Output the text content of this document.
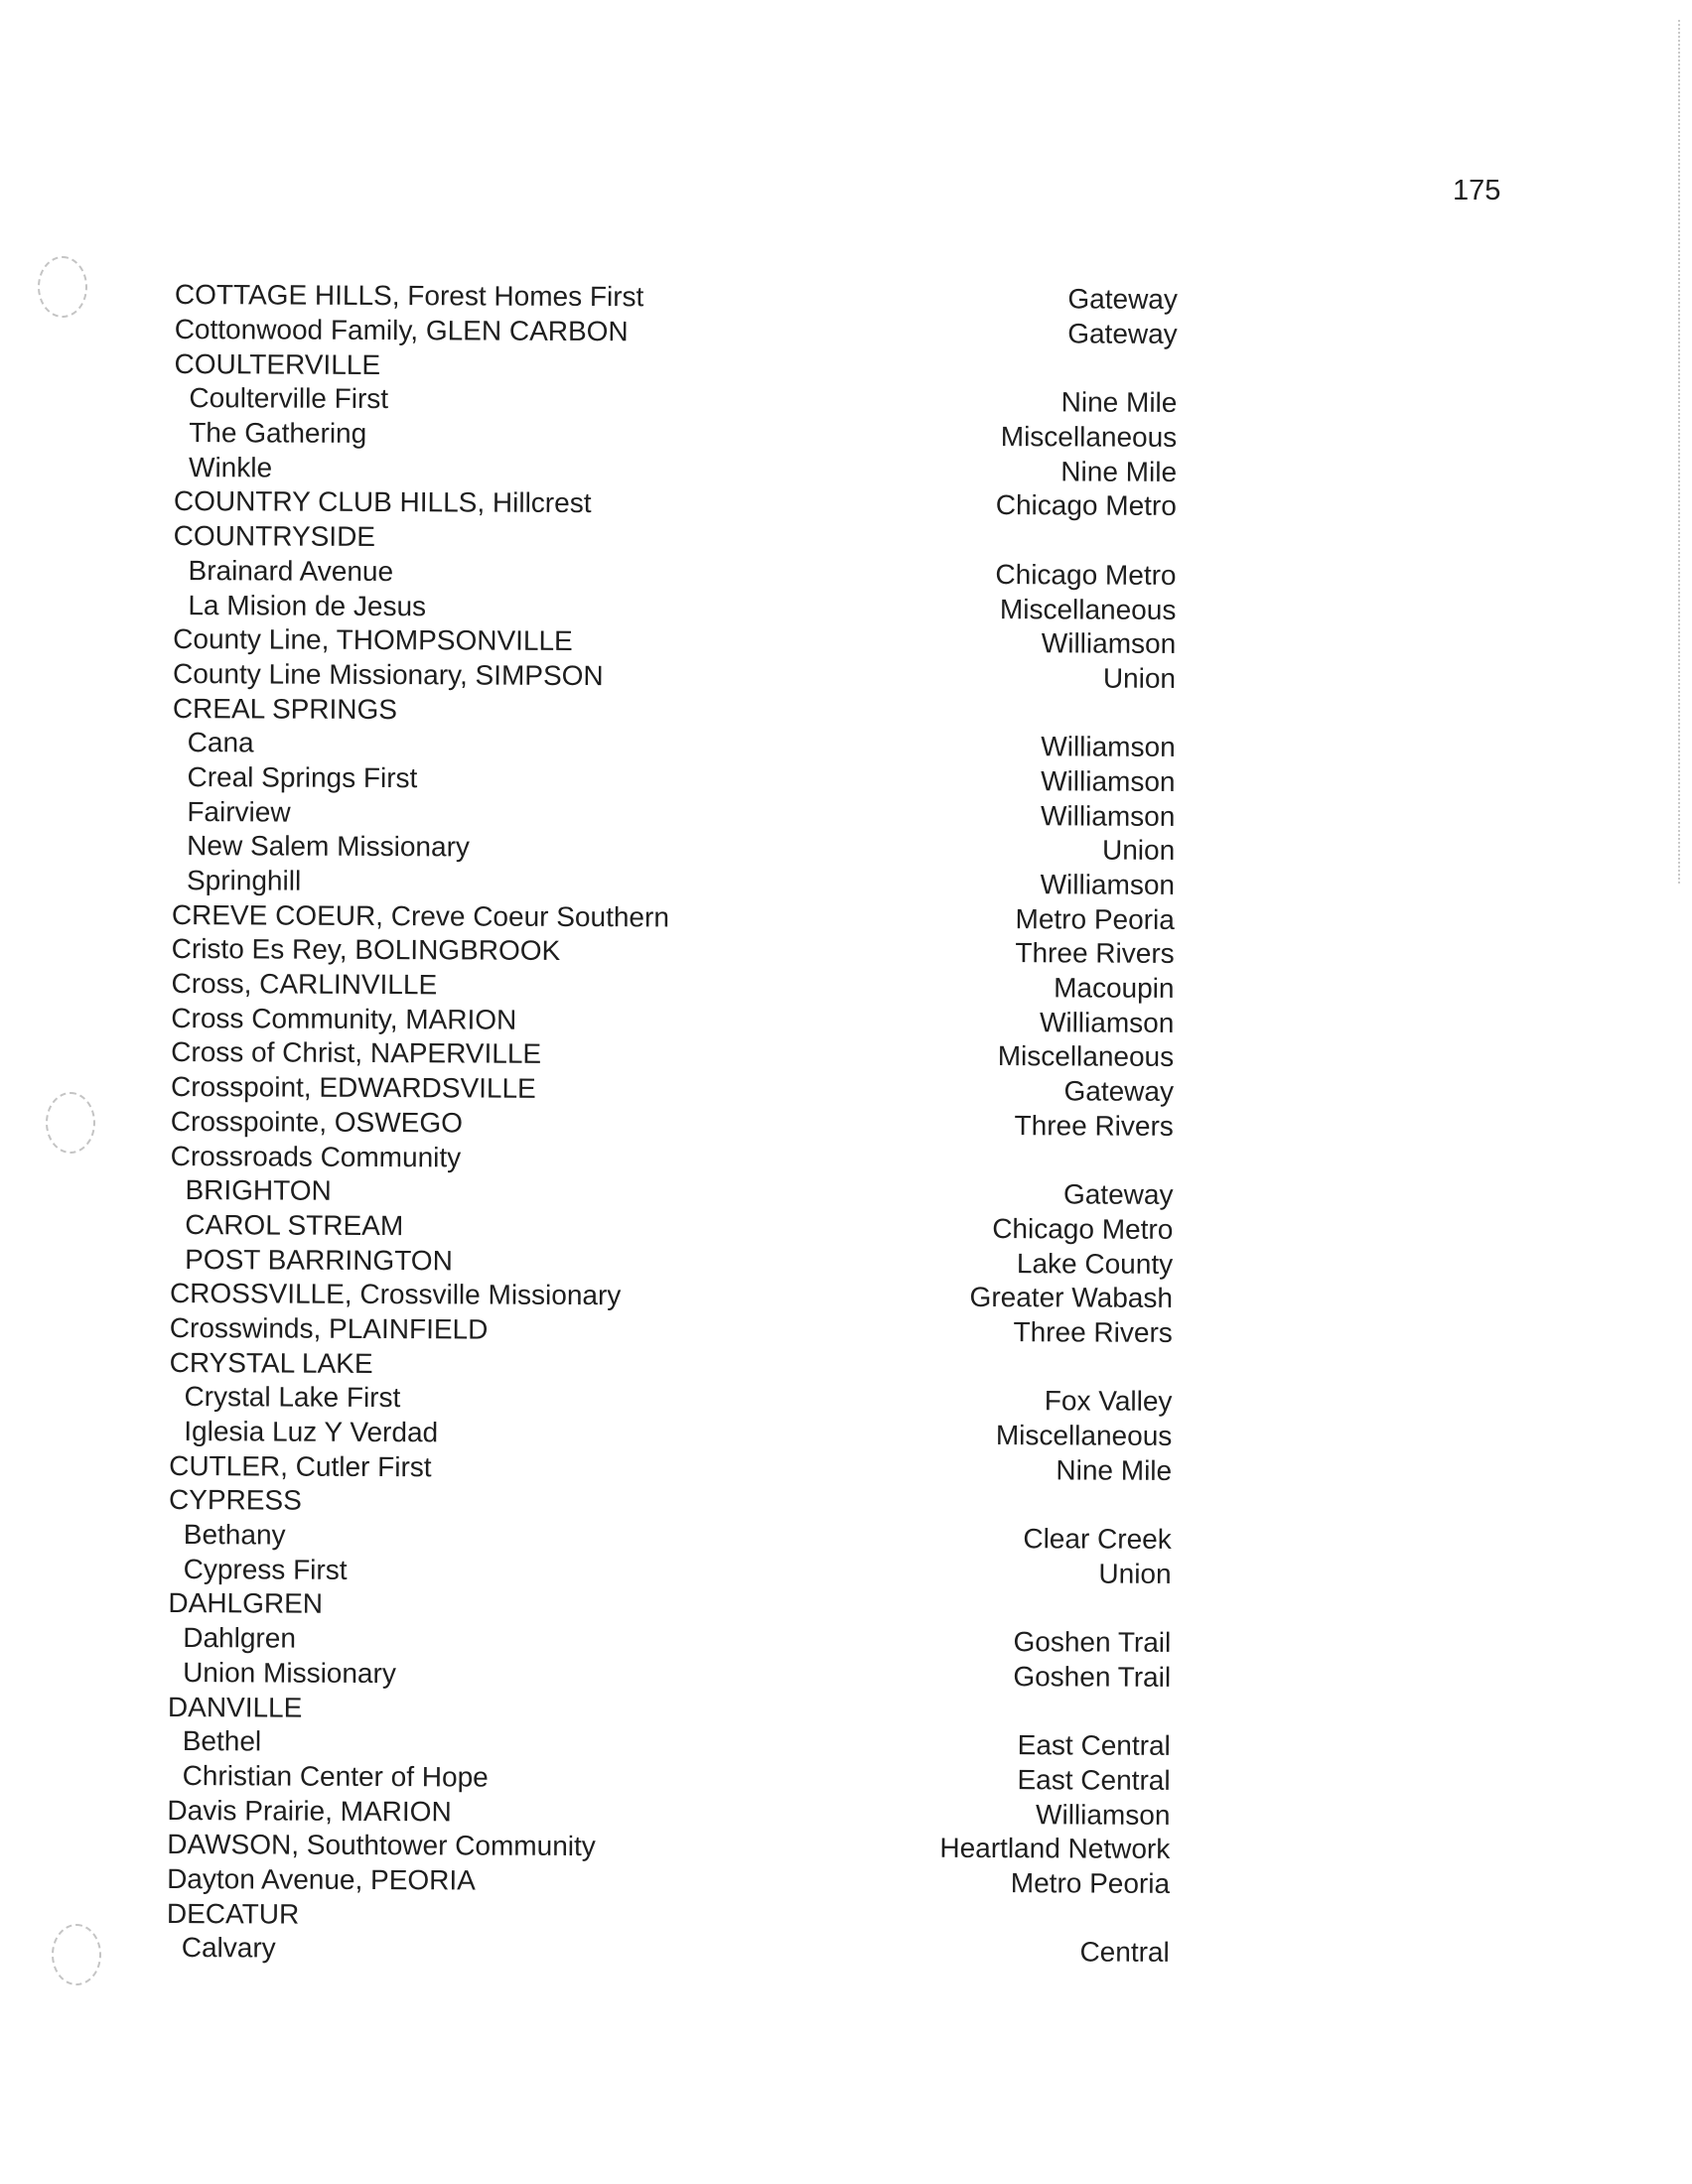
175
COTTAGE HILLS, Forest Homes First	Gateway
Cottonwood Family, GLEN CARBON	Gateway
COULTERVILLE
Coulterville First	Nine Mile
The Gathering	Miscellaneous
Winkle	Nine Mile
COUNTRY CLUB HILLS, Hillcrest	Chicago Metro
COUNTRYSIDE
Brainard Avenue	Chicago Metro
La Mision de Jesus	Miscellaneous
County Line, THOMPSONVILLE	Williamson
County Line Missionary, SIMPSON	Union
CREAL SPRINGS
Cana	Williamson
Creal Springs First	Williamson
Fairview	Williamson
New Salem Missionary	Union
Springhill	Williamson
CREVE COEUR, Creve Coeur Southern	Metro Peoria
Cristo Es Rey, BOLINGBROOK	Three Rivers
Cross, CARLINVILLE	Macoupin
Cross Community, MARION	Williamson
Cross of Christ, NAPERVILLE	Miscellaneous
Crosspoint, EDWARDSVILLE	Gateway
Crosspointe, OSWEGO	Three Rivers
Crossroads Community
BRIGHTON	Gateway
CAROL STREAM	Chicago Metro
POST BARRINGTON	Lake County
CROSSVILLE, Crossville Missionary	Greater Wabash
Crosswinds, PLAINFIELD	Three Rivers
CRYSTAL LAKE
Crystal Lake First	Fox Valley
Iglesia Luz Y Verdad	Miscellaneous
CUTLER, Cutler First	Nine Mile
CYPRESS
Bethany	Clear Creek
Cypress First	Union
DAHLGREN
Dahlgren	Goshen Trail
Union Missionary	Goshen Trail
DANVILLE
Bethel	East Central
Christian Center of Hope	East Central
Davis Prairie, MARION	Williamson
DAWSON, Southtower Community	Heartland Network
Dayton Avenue, PEORIA	Metro Peoria
DECATUR
Calvary	Central
